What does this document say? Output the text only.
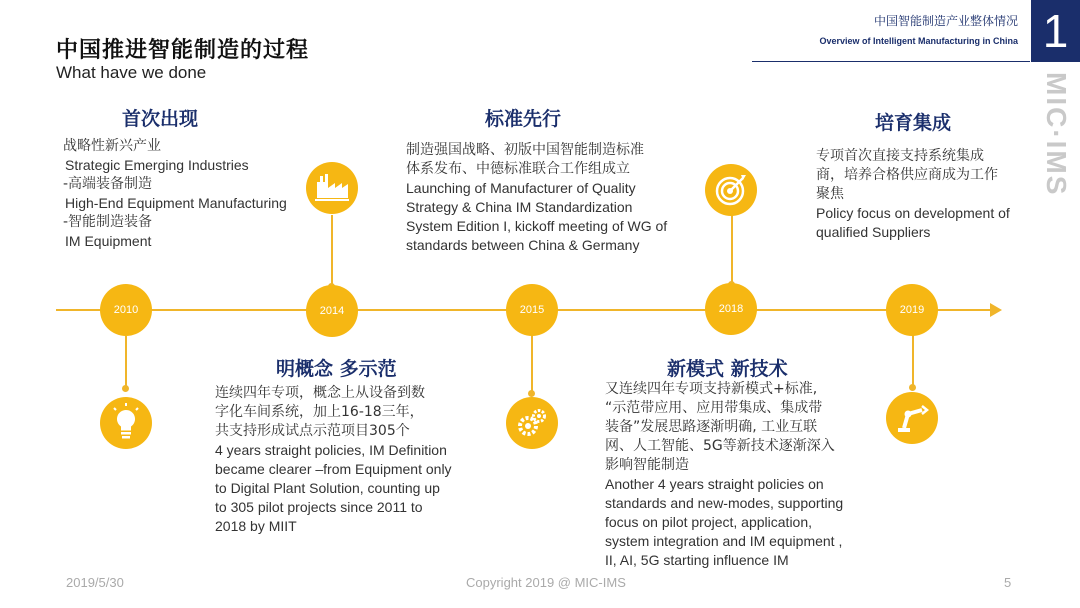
中国推进智能制造的过程
What have we done
中国智能制造产业整体情况
Overview of Intelligent Manufacturing in China 1
MIC·IMS
2010	2014	2015	2018	2019
首次出现
战略性新兴产业
Strategic Emerging Industries
-高端装备制造
High-End Equipment Manufacturing
-智能制造装备
IM Equipment
明概念 多示范
连续四年专项，概念上从设备到数
字化车间系统，加上16-18三年，
共支持形成试点示范项目305个
4 years straight policies, IM Definition
became clearer –from Equipment only
to Digital Plant Solution, counting up
to 305 pilot projects since 2011 to
2018 by MIIT
标准先行
制造强国战略、初版中国智能制造标准
体系发布、中德标准联合工作组成立
Launching of Manufacturer of Quality
Strategy & China IM Standardization
System Edition I, kickoff meeting of WG of
standards between China & Germany
新模式 新技术
又连续四年专项支持新模式+标准,
“示范带应用、应用带集成、集成带
装备”发展思路逐渐明确, 工业互联
网、人工智能、5G等新技术逐渐深入
影响智能制造
Another 4 years straight policies on
standards and new-modes, supporting
focus on pilot project, application,
system integration and IM equipment ,
II, AI, 5G starting influence IM
培育集成
专项首次直接支持系统集成
商，培养合格供应商成为工作
聚焦
Policy focus on development of
qualified Suppliers
2019/5/30	Copyright 2019 @ MIC-IMS	5
